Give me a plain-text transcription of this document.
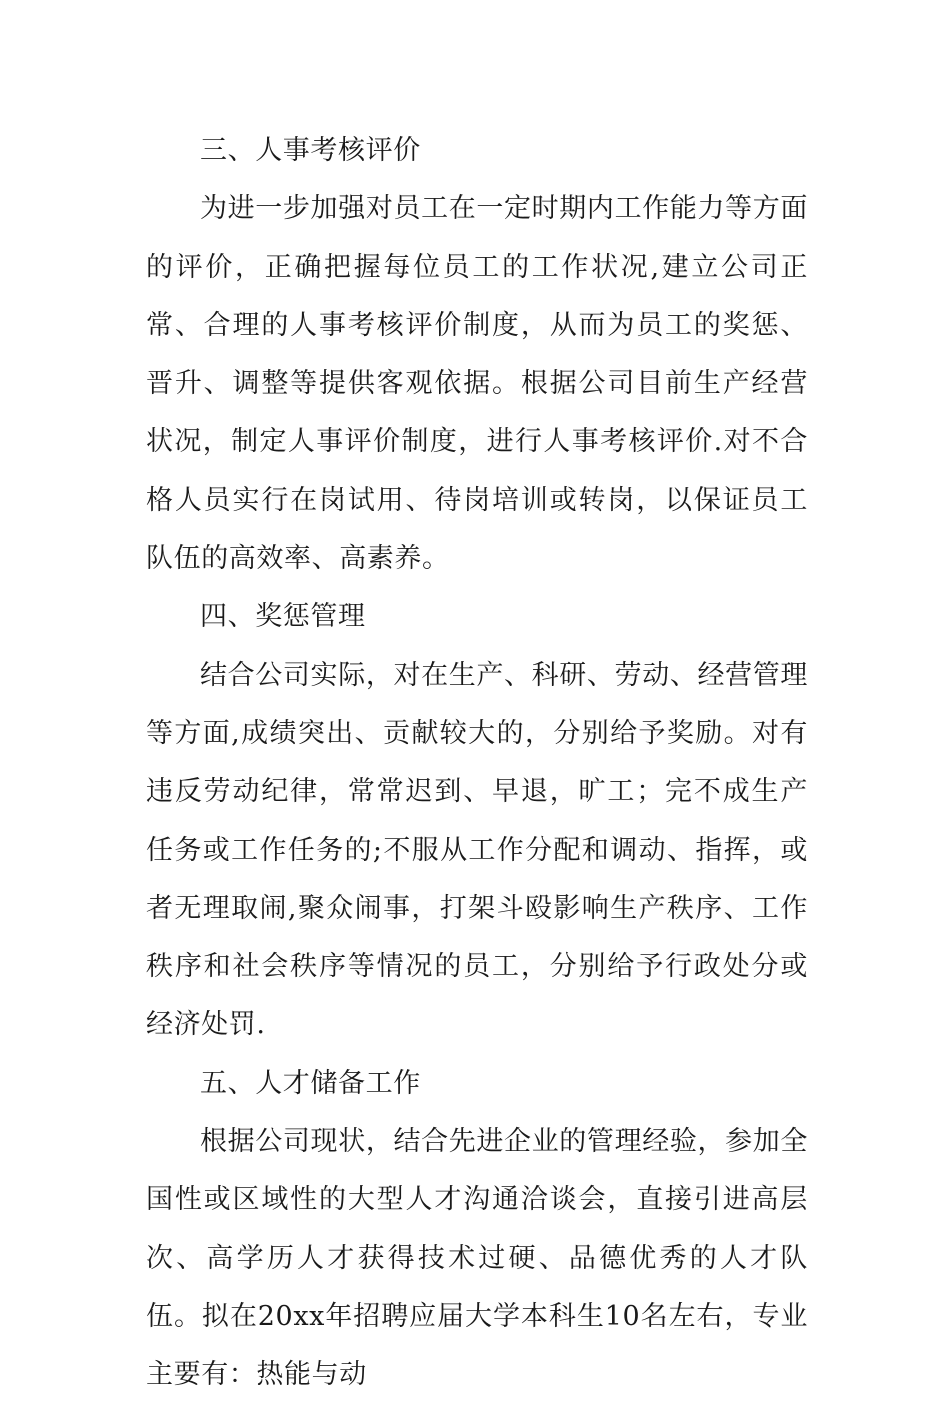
三、人事考核评价

为进一步加强对员工在一定时期内工作能力等方面的评价，正确把握每位员工的工作状况,建立公司正常、合理的人事考核评价制度，从而为员工的奖惩、晋升、调整等提供客观依据。根据公司目前生产经营状况，制定人事评价制度，进行人事考核评价.对不合格人员实行在岗试用、待岗培训或转岗，以保证员工队伍的高效率、高素养。

四、奖惩管理

结合公司实际，对在生产、科研、劳动、经营管理等方面,成绩突出、贡献较大的，分别给予奖励。对有违反劳动纪律，常常迟到、早退，旷工；完不成生产任务或工作任务的;不服从工作分配和调动、指挥，或者无理取闹,聚众闹事，打架斗殴影响生产秩序、工作秩序和社会秩序等情况的员工，分别给予行政处分或经济处罚.

五、人才储备工作

根据公司现状，结合先进企业的管理经验，参加全国性或区域性的大型人才沟通洽谈会，直接引进高层次、高学历人才获得技术过硬、品德优秀的人才队伍。拟在20xx年招聘应届大学本科生10名左右，专业主要有：热能与动
